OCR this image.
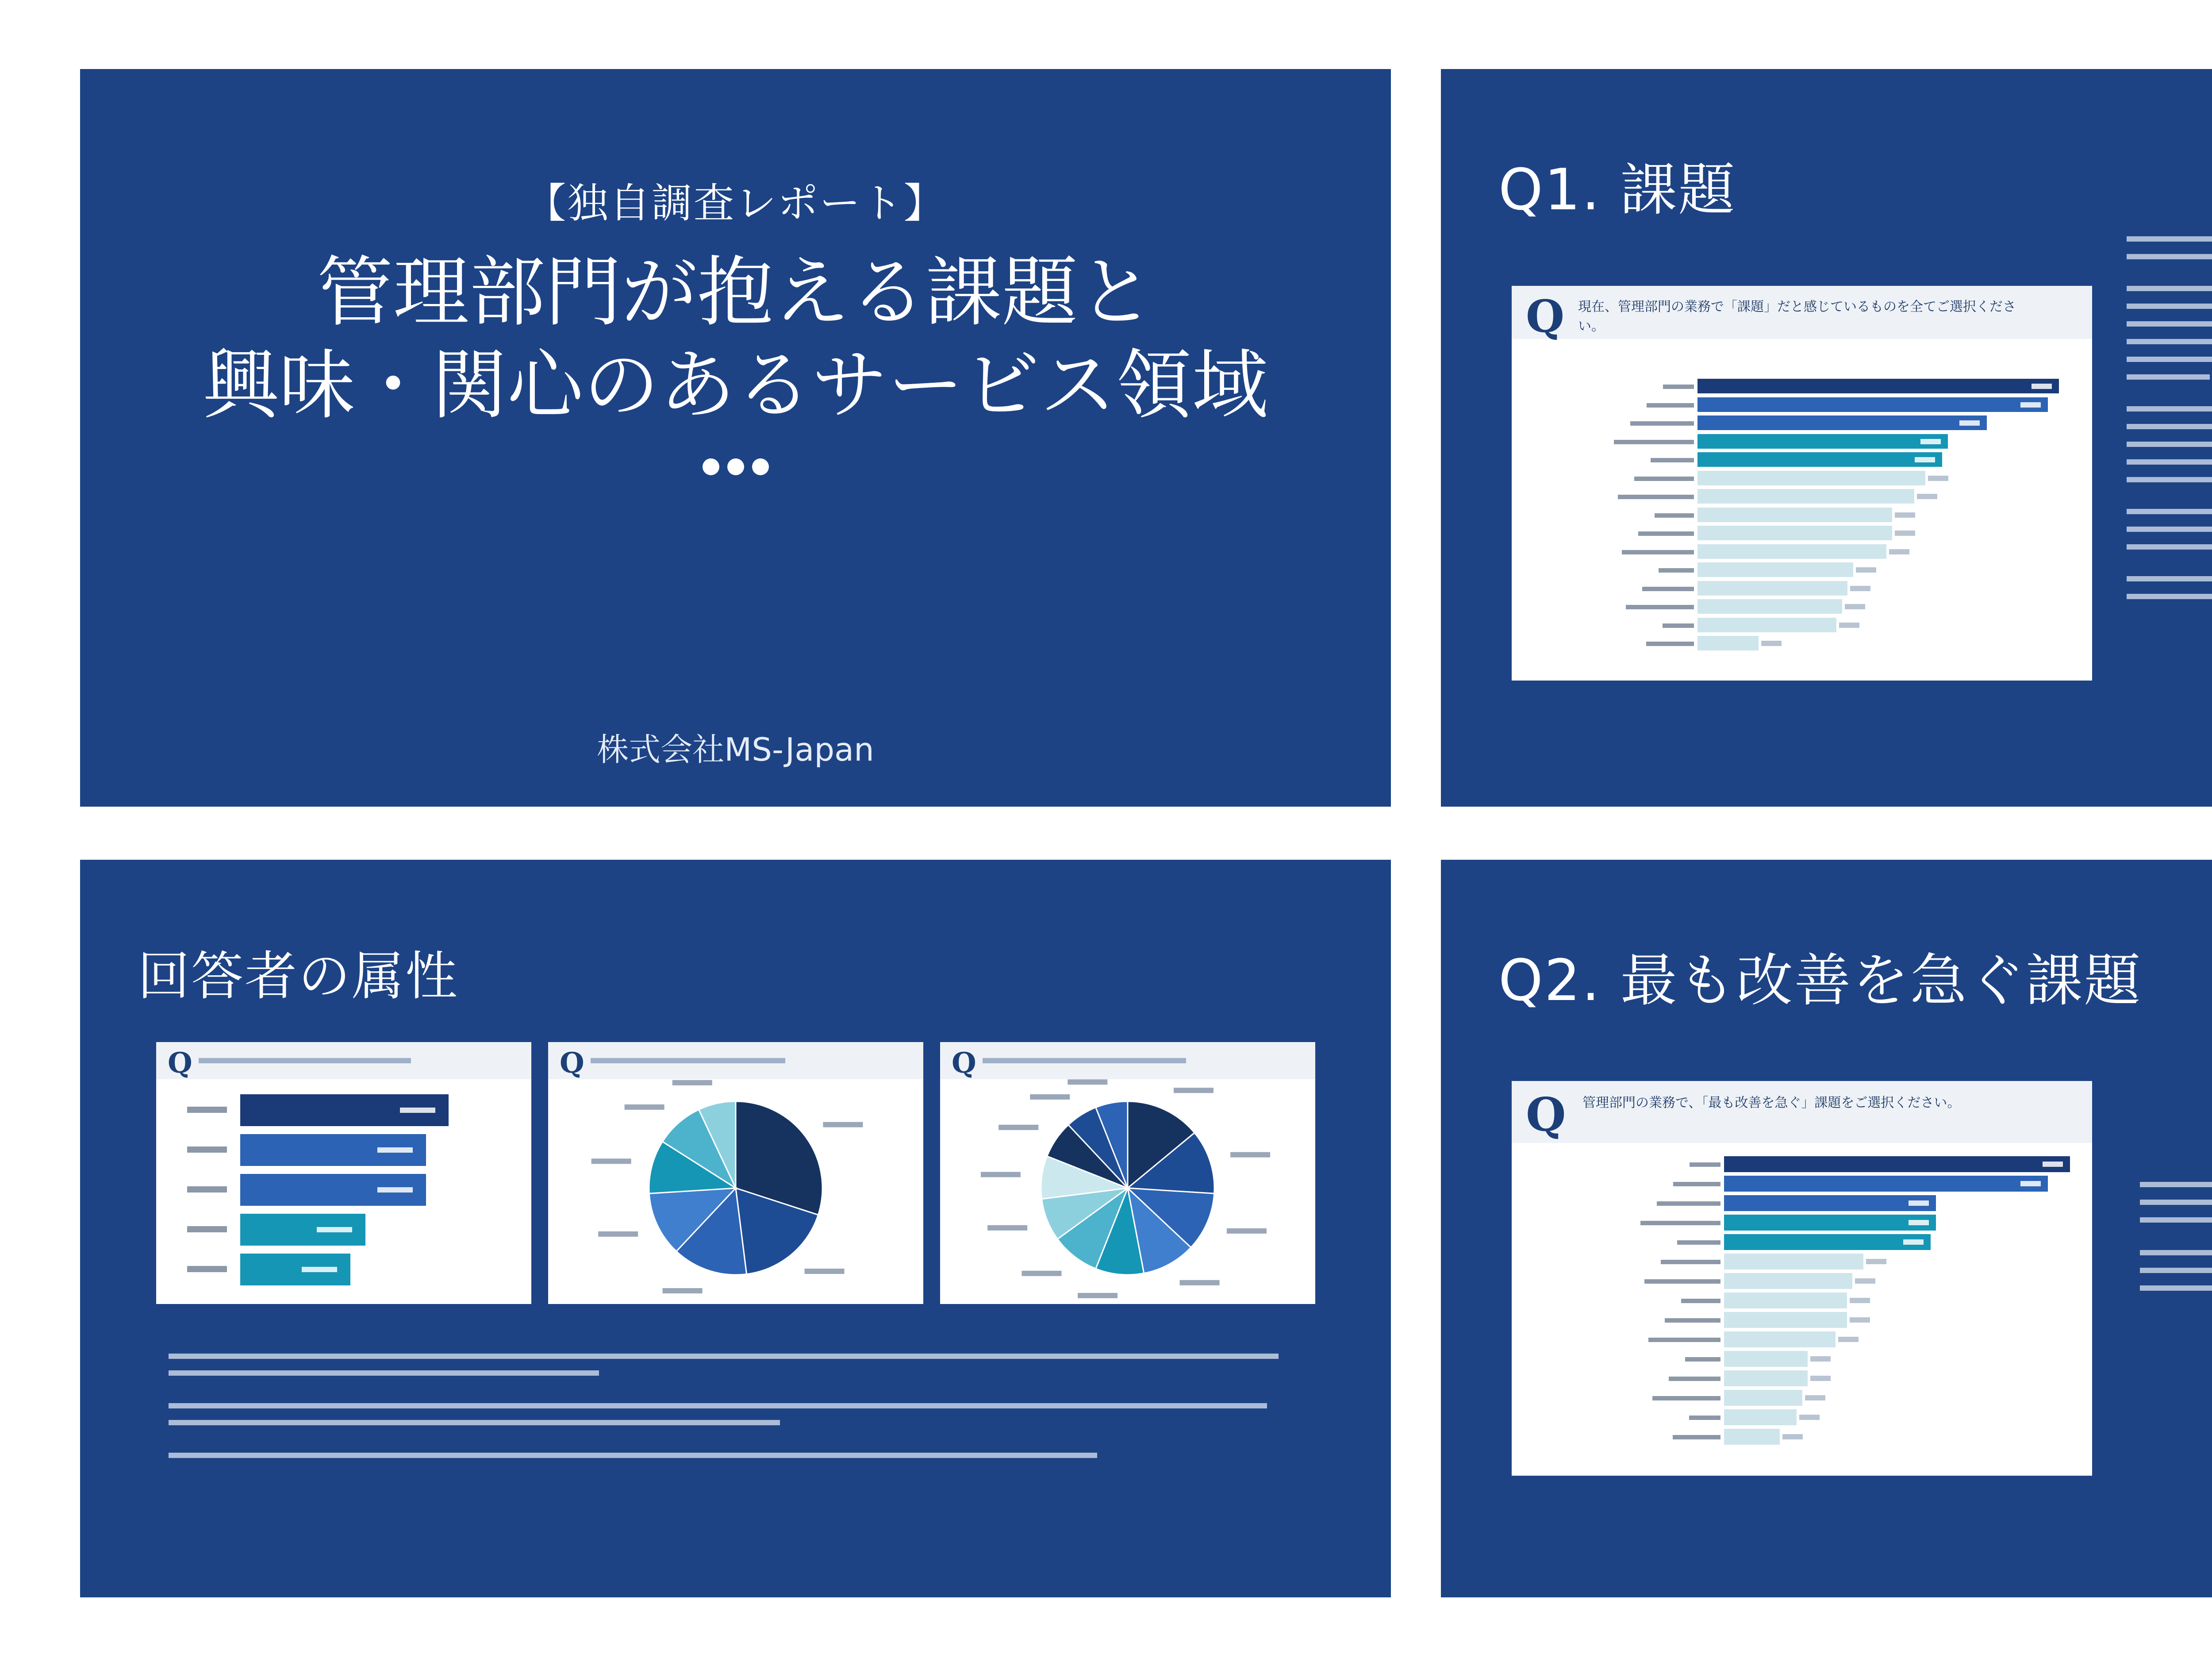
【独自調査レポート】
管理部門が抱える課題と
興味・関心のあるサービス領域
株式会社MS-Japan
Q1. 課題
Q 現在、管理部門の業務で「課題」だと感じているものを全てご選択ください。
回答者の属性
Q	Q	Q
Q2. 最も改善を急ぐ課題
Q 管理部門の業務で、「最も改善を急ぐ」課題をご選択ください。
